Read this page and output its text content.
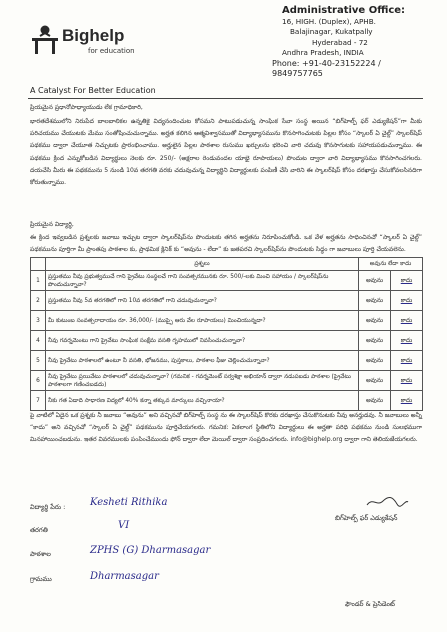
Bighelp
for education
A Catalyst For Better Education
Administrative Office:
16, HIGH. (Duplex), APHB.
Balajinagar, Kukatpally
Hyderabad - 72
Andhra Pradesh, INDIA
Phone: +91-40-23152224 / 9849757765
ప్రియమైన ప్రధానోపాధ్యాయుడు లేక గ్రామాధికారి,
భారతదేశములోని నిరుపేద బాలబాలికల ఉన్నతికై విద్యనందించుట కోసమని పాటుపడుచున్న సాంఘిక సేవా సంస్థ అయిన “బిగ్‌హెల్ప్ ఫర్ ఎడ్యుకేషన్”గా మీకు పరిచయము చేయుటకు మేము సంతోషించుచున్నాము. అర్హత కలిగిన ఆత్మవిశ్వాసముతో విద్యాభ్యాసమును కొనసాగించుటకు పిల్లల కోసం “స్కాలర్ ఏ చైల్డ్” స్కాలర్‌షిప్ పథకము ద్వారా చేయూత నిచ్చుటకు ప్రారంభించాము. అర్హులైన పిల్లల పాఠశాల రుసుము ఖర్చులను భరించి వారి చదువు కొనసాగుటకు సహాయపడుచున్నాము. ఈ పథకము క్రింద ఎన్నుకోబడిన విద్యార్థులు నెలకు రూ. 250/- (అక్షరాల రెండువందల యాభై రూపాయలు) పొందుట ద్వారా వారి విద్యాభ్యాసము కొనసాగించగలరు. దయచేసి మీరు ఈ పథకమును 5 నుండి 10వ తరగతి వరకు చదువుచున్న విద్యార్థిని విద్యార్థులకు పంపిణీ చేసి వారిని ఈ స్కాలర్‌షిప్ కోసం దరఖాస్తు చేసుకోవలసినదిగా కోరుతున్నాము.
ప్రియమైన విద్యార్థి,
ఈ క్రింద ఇవ్వబడిన ప్రశ్నలకు జవాబు ఇచ్చుట ద్వారా స్కాలర్‌షిప్‌ను పొందుటకు తగిన అర్హతను నిరూపించుకోండి. ఒక వేళ అర్హతను సాధించినచో “స్కాలర్ ఏ చైల్డ్” పథకమును పూర్తిగా మీ ప్రాంతపు పాఠశాల కు, ప్రాథమిక క్లినిక్ కు “అవును - లేదా” కు జతపరచి స్కాలర్‌షిప్‌ను పొందుటకు సిద్ధం గా జవాబులు పూర్తి చేయవలెను.
	ప్రశ్నలు	అవును లేదా కాదు	
1	ప్రస్తుతము నీవు ప్రభుత్వముచే గాని ప్రైవేటు సంస్థలచే గాని సంవత్సరమునకు రూ. 500/-లకు మించి సహాయం / స్కాలర్‌షిప్‌ను పొందుచున్నావా?	అవును	కాదు
2	ప్రస్తుతము నీవు 5వ తరగతిలో గాని 10వ తరగతిలో గాని చదువుచున్నావా?	అవును	కాదు
3	మీ కుటుంబ సంవత్సరాదాయం రూ. 36,000/- (ముప్పై ఆరు వేల రూపాయలు) మించియున్నదా?	అవును	కాదు
4	నీవు గవర్నమెంటు గాని ప్రైవేటు సాంఘిక సంక్షేమ వసతి గృహములో నివసించుచున్నావా?	అవును	కాదు
5	నీవు ప్రైవేటు పాఠశాలలో ఉంటూ నీ వసతి, భోజనము, పుస్తకాలు, పాఠశాల ఫీజు చెల్లించుచున్నావా?	అవును	కాదు
6	నీవు ప్రైవేటు ప్రయివేటు పాఠశాలలో చదువుచున్నావా? (గమనిక - గవర్నమెంట్ సర్వశిక్షా అభియాన్ ద్వారా నడుపబడు పాఠశాల (ప్రైవేటు పాఠశాలగా గణించబడదు)	అవును	కాదు
7	నీకు గత ఏడాది సాధారణ విద్యలో 40% కన్నా తక్కువ మార్కులు వచ్చినాయా?	అవును	కాదు
పై వాటిలో ఏదైన ఒక ప్రశ్నకు నీ జవాబు “అవును” అని వచ్చినచో బిగ్‌హెల్ప్ సంస్థ ను ఈ స్కాలర్‌షిప్ కొరకు దరఖాస్తు చేసుకొనుటకు నీవు అనర్హుడవు. నీ జవాబులు అన్నీ “కాదు” అని వచ్చినచో “స్కాలర్ ఏ చైల్డ్” పథకమును పూర్తిచేయగలరు. గమనిక: ఏకలాంగ స్థితిలోని విద్యార్థులు ఈ అర్హతా పరిధి పథకము నుండి సులభముగా మినహాయించబడును. ఇతర వివరములకు పంపించేముందు ఫోన్ ద్వారా లేదా మెయిల్ ద్వారా సంప్రదించగలరు. info@bighelp.org ద్వారా గాని తెలియజేయగలరు.
విద్యార్థి పేరు : Kesheti Rithika
తరగతి	VI
పాఠశాల	ZPHS (G) Dharmasagar
గ్రామము	Dharmasagar
బిగ్‌హెల్ప్ ఫర్ ఎడ్యుకేషన్
ఫౌండర్ & ప్రెసిడెంట్
